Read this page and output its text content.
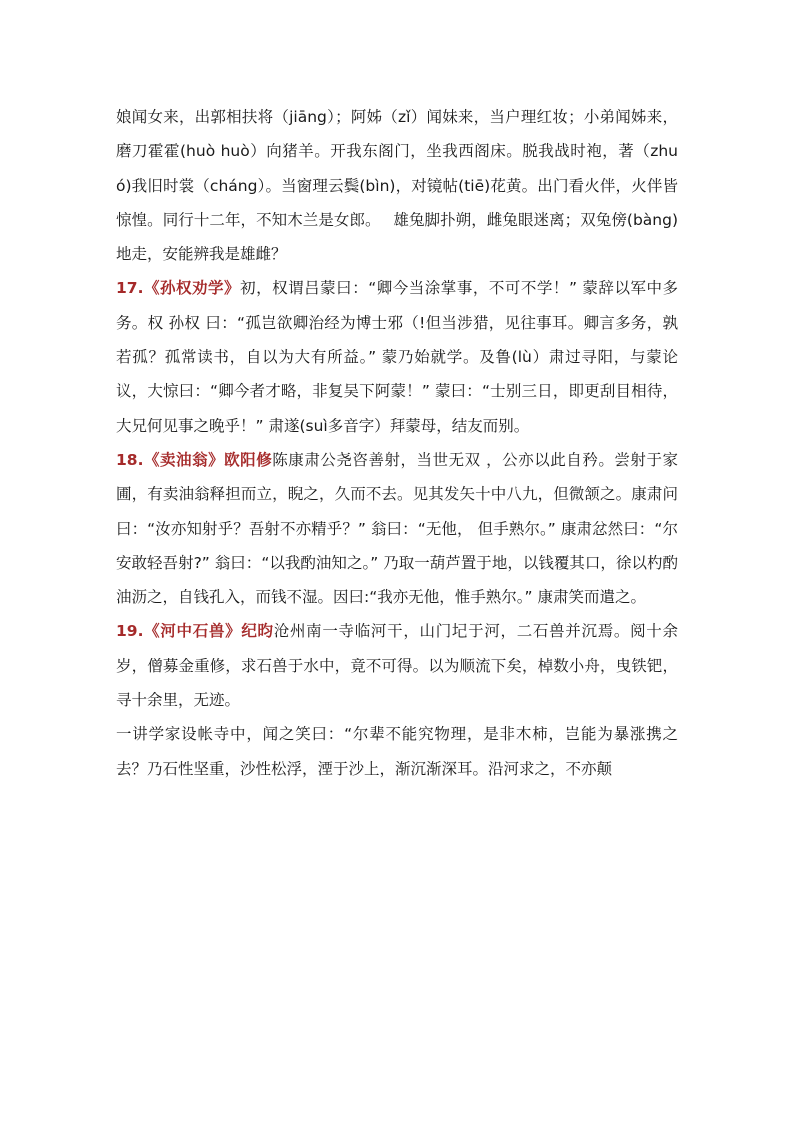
娘闻女来，出郭相扶将（jiāng）；阿姊（zǐ）闻妹来，当户理红妆；小弟闻姊来，磨刀霍霍(huò huò）向猪羊。开我东阁门，坐我西阁床。脱我战时袍，著（zhuó)我旧时裳（cháng）。当窗理云鬓(bìn)，对镜帖(tiē)花黄。出门看火伴，火伴皆惊惶。同行十二年，不知木兰是女郎。　 雄兔脚扑朔，雌兔眼迷离；双兔傍(bàng)地走，安能辨我是雄雌？

17.《孙权劝学》初，权谓吕蒙曰：“卿今当涂掌事，不可不学！” 蒙辞以军中多务。权 孙权 曰：“孤岂欲卿治经为博士邪（!但当涉猎，见往事耳。卿言多务，孰若孤？孤常读书，自以为大有所益。” 蒙乃始就学。及鲁(lù）肃过寻阳，与蒙论议，大惊曰：“卿今者才略，非复吴下阿蒙！” 蒙曰：“士别三日，即更刮目相待，大兄何见事之晚乎！” 肃遂(suì多音字）拜蒙母，结友而别。

18.《卖油翁》欧阳修陈康肃公尧咨善射，当世无双 ，公亦以此自矜。尝射于家圃，有卖油翁释担而立，睨之，久而不去。见其发矢十中八九，但微颔之。康肃问曰：“汝亦知射乎？吾射不亦精乎？” 翁曰：“无他， 但手熟尔。” 康肃忿然曰：“尔安敢轻吾射?” 翁曰：“以我酌油知之。” 乃取一葫芦置于地，以钱覆其口，徐以杓酌油沥之，自钱孔入，而钱不湿。因曰:“我亦无他，惟手熟尔。” 康肃笑而遣之。

19.《河中石兽》纪昀沧州南一寺临河干，山门圮于河，二石兽并沉焉。阅十余岁，僧募金重修，求石兽于水中，竟不可得。以为顺流下矣，棹数小舟，曳铁钯，寻十余里，无迹。

一讲学家设帐寺中，闻之笑曰：“尔辈不能究物理，是非木柿，岂能为暴涨携之去？乃石性坚重，沙性松浮，湮于沙上，渐沉渐深耳。沿河求之，不亦颠
